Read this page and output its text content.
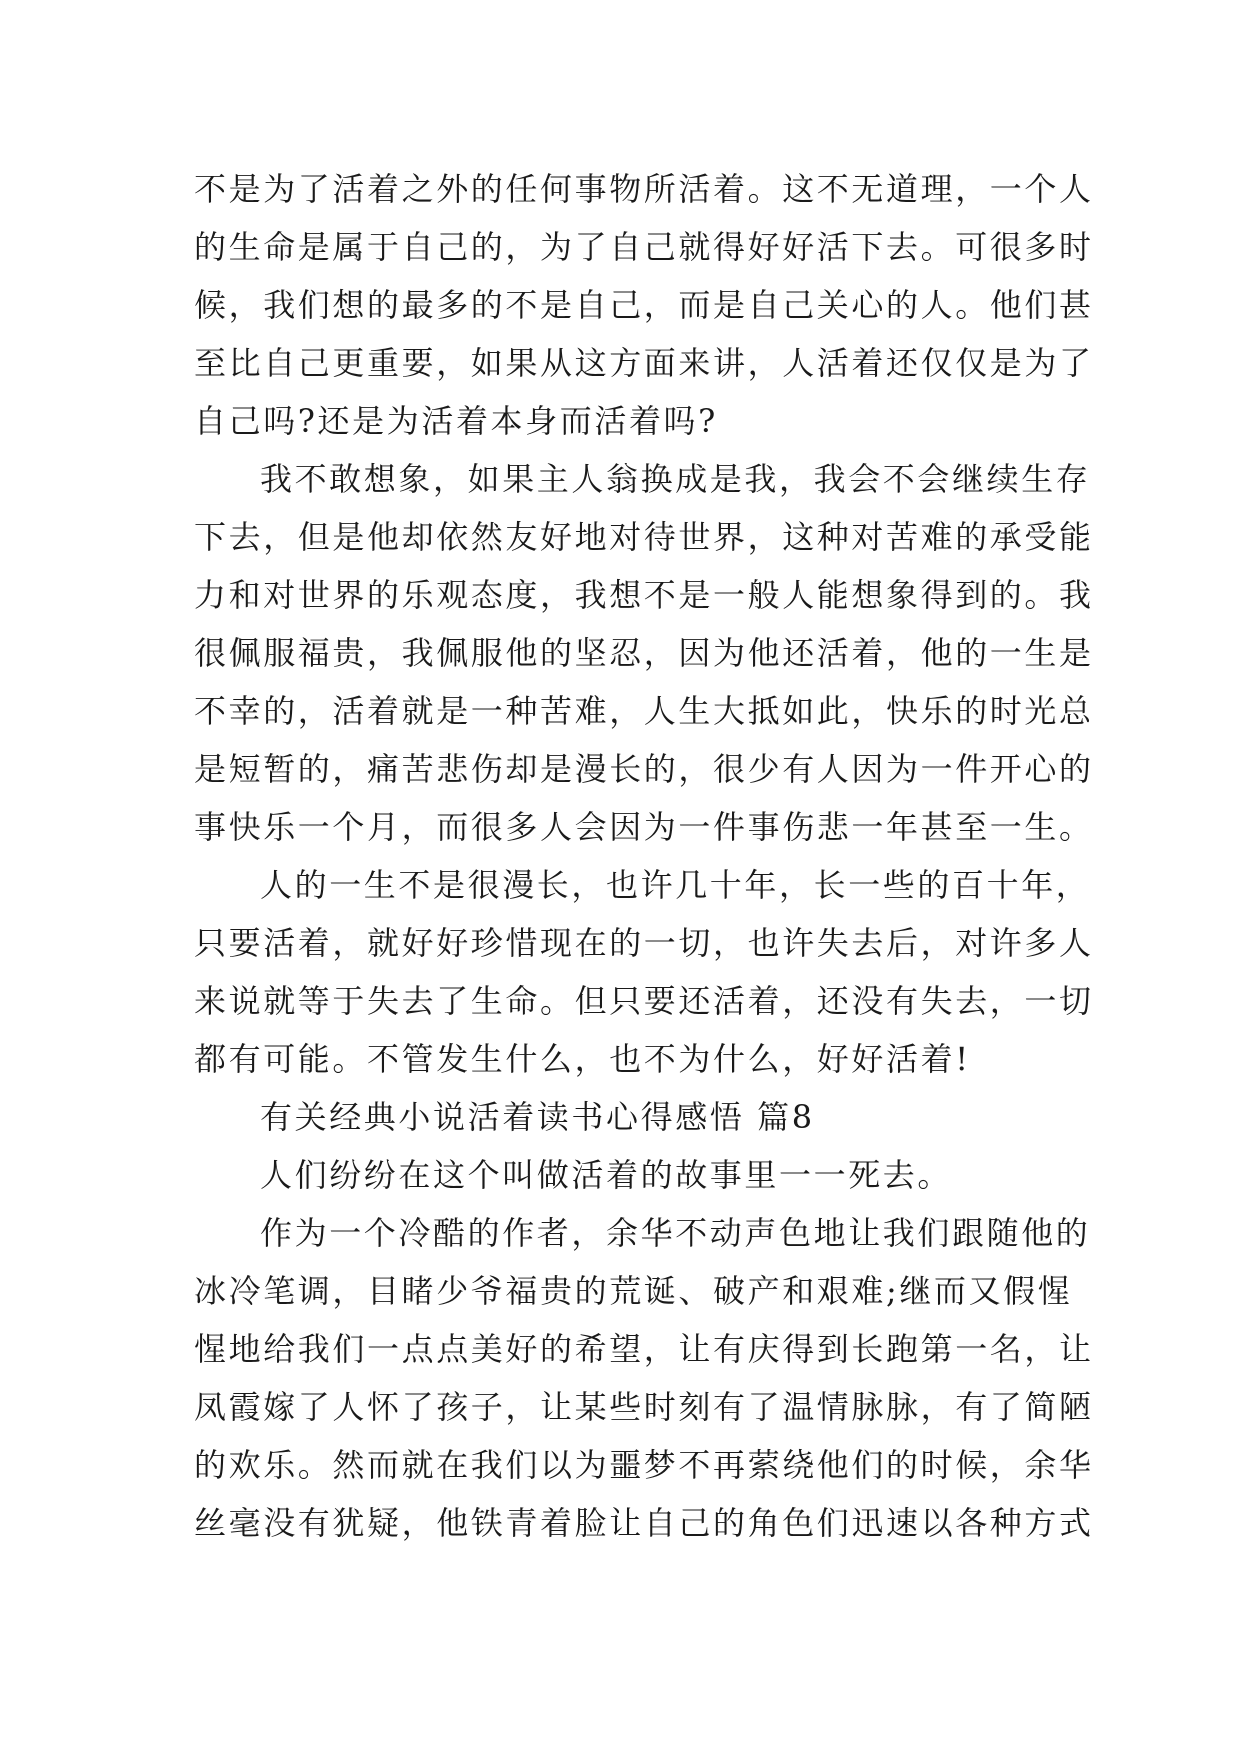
不是为了活着之外的任何事物所活着。这不无道理，一个人
的生命是属于自己的，为了自己就得好好活下去。可很多时
候，我们想的最多的不是自己，而是自己关心的人。他们甚
至比自己更重要，如果从这方面来讲，人活着还仅仅是为了
自己吗?还是为活着本身而活着吗?
我不敢想象，如果主人翁换成是我，我会不会继续生存
下去，但是他却依然友好地对待世界，这种对苦难的承受能
力和对世界的乐观态度，我想不是一般人能想象得到的。我
很佩服福贵，我佩服他的坚忍，因为他还活着，他的一生是
不幸的，活着就是一种苦难，人生大抵如此，快乐的时光总
是短暂的，痛苦悲伤却是漫长的，很少有人因为一件开心的
事快乐一个月，而很多人会因为一件事伤悲一年甚至一生。
人的一生不是很漫长，也许几十年，长一些的百十年，
只要活着，就好好珍惜现在的一切，也许失去后，对许多人
来说就等于失去了生命。但只要还活着，还没有失去，一切
都有可能。不管发生什么，也不为什么，好好活着!
有关经典小说活着读书心得感悟 篇8
人们纷纷在这个叫做活着的故事里一一死去。
作为一个冷酷的作者，余华不动声色地让我们跟随他的
冰冷笔调，目睹少爷福贵的荒诞、破产和艰难;继而又假惺
惺地给我们一点点美好的希望，让有庆得到长跑第一名，让
凤霞嫁了人怀了孩子，让某些时刻有了温情脉脉，有了简陋
的欢乐。然而就在我们以为噩梦不再萦绕他们的时候，余华
丝毫没有犹疑，他铁青着脸让自己的角色们迅速以各种方式
